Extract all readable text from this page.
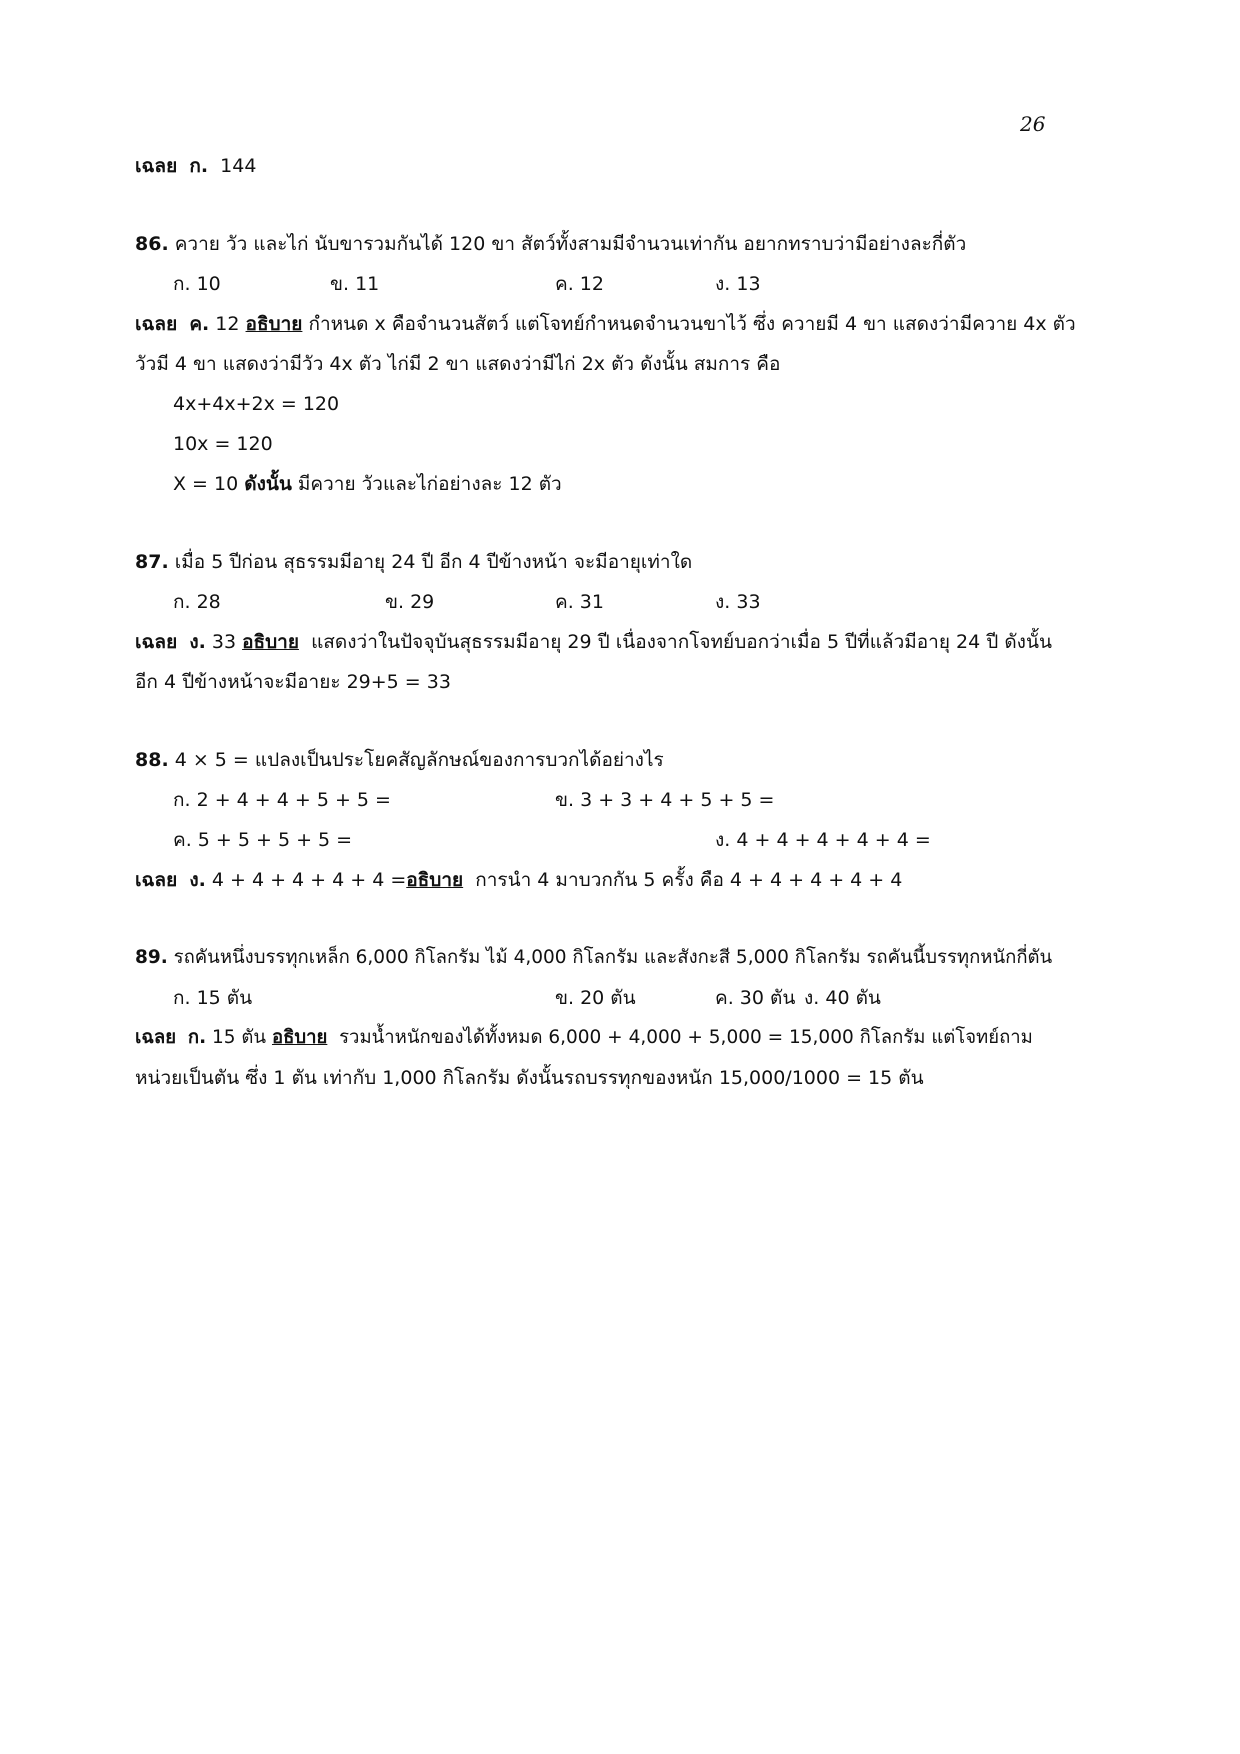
26
เฉลย ก. 144
86. ควาย วัว และไก่ นับขารวมกันได้ 120 ขา สัตว์ทั้งสามมีจำนวนเท่ากัน อยากทราบว่ามีอย่างละกี่ตัว
ก. 10	ข. 11	ค. 12	ง. 13
เฉลย ค. 12 อธิบาย กำหนด x คือจำนวนสัตว์ แต่โจทย์กำหนดจำนวนขาไว้ ซึ่ง ควายมี 4 ขา แสดงว่ามีควาย 4x ตัว
วัวมี 4 ขา แสดงว่ามีวัว 4x ตัว ไก่มี 2 ขา แสดงว่ามีไก่ 2x ตัว ดังนั้น สมการ คือ
4x+4x+2x = 120
10x = 120
X = 10 ดังนั้น มีควาย วัวและไก่อย่างละ 12 ตัว
87. เมื่อ 5 ปีก่อน สุธรรมมีอายุ 24 ปี อีก 4 ปีข้างหน้า จะมีอายุเท่าใด
ก. 28	ข. 29	ค. 31	ง. 33
เฉลย ง. 33 อธิบาย แสดงว่าในปัจจุบันสุธรรมมีอายุ 29 ปี เนื่องจากโจทย์บอกว่าเมื่อ 5 ปีที่แล้วมีอายุ 24 ปี ดังนั้น
อีก 4 ปีข้างหน้าจะมีอายะ 29+5 = 33
88. 4 × 5 = แปลงเป็นประโยคสัญลักษณ์ของการบวกได้อย่างไร
ก. 2 + 4 + 4 + 5 + 5 =	ข. 3 + 3 + 4 + 5 + 5 =
ค. 5 + 5 + 5 + 5 =	ง. 4 + 4 + 4 + 4 + 4 =
เฉลย ง. 4 + 4 + 4 + 4 + 4 =อธิบาย การนำ 4 มาบวกกัน 5 ครั้ง คือ 4 + 4 + 4 + 4 + 4
89. รถคันหนึ่งบรรทุกเหล็ก 6,000 กิโลกรัม ไม้ 4,000 กิโลกรัม และสังกะสี 5,000 กิโลกรัม รถคันนี้บรรทุกหนักกี่ตัน
ก. 15 ตัน	ข. 20 ตัน	ค. 30 ตัน ง. 40 ตัน
เฉลย ก. 15 ตัน อธิบาย รวมน้ำหนักของได้ทั้งหมด 6,000 + 4,000 + 5,000 = 15,000 กิโลกรัม แต่โจทย์ถาม
หน่วยเป็นตัน ซึ่ง 1 ตัน เท่ากับ 1,000 กิโลกรัม ดังนั้นรถบรรทุกของหนัก 15,000/1000 = 15 ตัน
